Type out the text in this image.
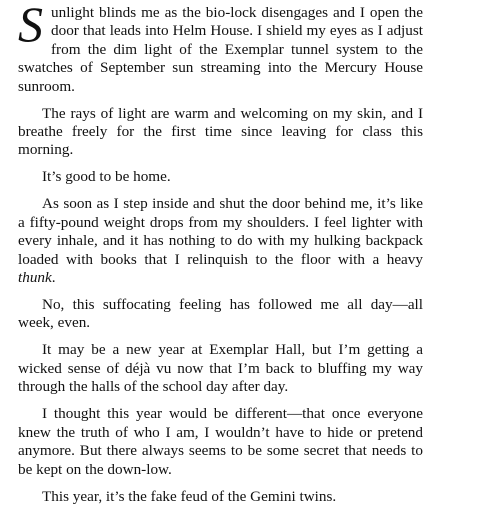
Sunlight blinds me as the bio-lock disengages and I open the door that leads into Helm House. I shield my eyes as I adjust from the dim light of the Exemplar tunnel system to the swatches of September sun streaming into the Mercury House sunroom.

The rays of light are warm and welcoming on my skin, and I breathe freely for the first time since leaving for class this morning.

It’s good to be home.

As soon as I step inside and shut the door behind me, it’s like a fifty-pound weight drops from my shoulders. I feel lighter with every inhale, and it has nothing to do with my hulking backpack loaded with books that I relinquish to the floor with a heavy thunk.

No, this suffocating feeling has followed me all day—all week, even.

It may be a new year at Exemplar Hall, but I’m getting a wicked sense of déjà vu now that I’m back to bluffing my way through the halls of the school day after day.

I thought this year would be different—that once everyone knew the truth of who I am, I wouldn’t have to hide or pretend anymore. But there always seems to be some secret that needs to be kept on the down-low.

This year, it’s the fake feud of the Gemini twins.
